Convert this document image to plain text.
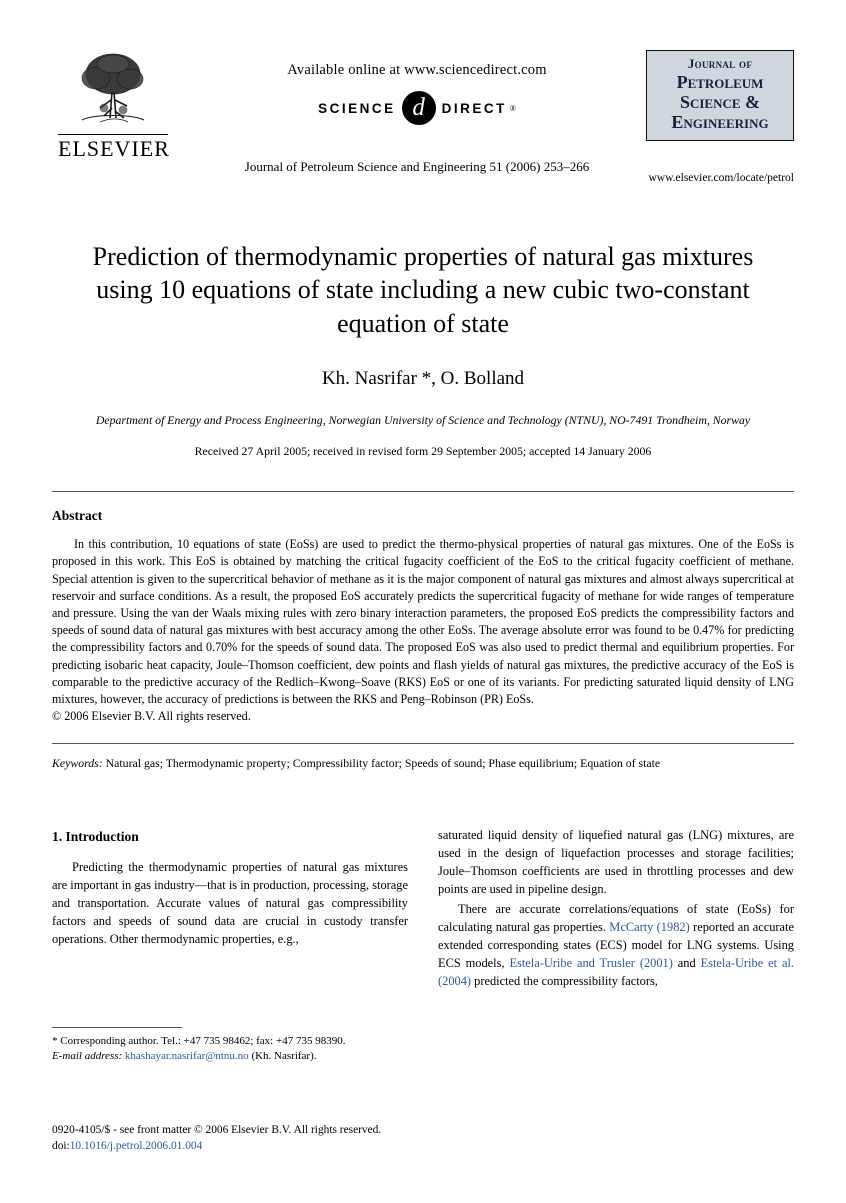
ELSEVIER
Available online at www.sciencedirect.com
SCIENCE d	DIRECT ®
Journal of Petroleum Science and Engineering 51 (2006) 253–266
Journal of
Petroleum
Science &
Engineering
www.elsevier.com/locate/petrol
Prediction of thermodynamic properties of natural gas mixtures using 10 equations of state including a new cubic two-constant equation of state
Kh. Nasrifar *, O. Bolland
Department of Energy and Process Engineering, Norwegian University of Science and Technology (NTNU), NO-7491 Trondheim, Norway
Received 27 April 2005; received in revised form 29 September 2005; accepted 14 January 2006
Abstract
In this contribution, 10 equations of state (EoSs) are used to predict the thermo-physical properties of natural gas mixtures. One of the EoSs is proposed in this work. This EoS is obtained by matching the critical fugacity coefficient of the EoS to the critical fugacity coefficient of methane. Special attention is given to the supercritical behavior of methane as it is the major component of natural gas mixtures and almost always supercritical at reservoir and surface conditions. As a result, the proposed EoS accurately predicts the supercritical fugacity of methane for wide ranges of temperature and pressure. Using the van der Waals mixing rules with zero binary interaction parameters, the proposed EoS predicts the compressibility factors and speeds of sound data of natural gas mixtures with best accuracy among the other EoSs. The average absolute error was found to be 0.47% for predicting the compressibility factors and 0.70% for the speeds of sound data. The proposed EoS was also used to predict thermal and equilibrium properties. For predicting isobaric heat capacity, Joule–Thomson coefficient, dew points and flash yields of natural gas mixtures, the predictive accuracy of the EoS is comparable to the predictive accuracy of the Redlich–Kwong–Soave (RKS) EoS or one of its variants. For predicting saturated liquid density of LNG mixtures, however, the accuracy of predictions is between the RKS and Peng–Robinson (PR) EoSs.
© 2006 Elsevier B.V. All rights reserved.
Keywords: Natural gas; Thermodynamic property; Compressibility factor; Speeds of sound; Phase equilibrium; Equation of state
1. Introduction

Predicting the thermodynamic properties of natural gas mixtures are important in gas industry—that is in production, processing, storage and transportation. Accurate values of natural gas compressibility factors and speeds of sound data are crucial in custody transfer operations. Other thermodynamic properties, e.g.,

* Corresponding author. Tel.: +47 735 98462; fax: +47 735 98390.
E-mail address: khashayar.nasrifar@ntnu.no (Kh. Nasrifar).

saturated liquid density of liquefied natural gas (LNG) mixtures, are used in the design of liquefaction processes and storage facilities; Joule–Thomson coefficients are used in throttling processes and dew points are used in pipeline design.

There are accurate correlations/equations of state (EoSs) for calculating natural gas properties. McCarty (1982) reported an accurate extended corresponding states (ECS) model for LNG systems. Using ECS models, Estela-Uribe and Trusler (2001) and Estela-Uribe et al. (2004) predicted the compressibility factors,

0920-4105/$ - see front matter © 2006 Elsevier B.V. All rights reserved.
doi:10.1016/j.petrol.2006.01.004
